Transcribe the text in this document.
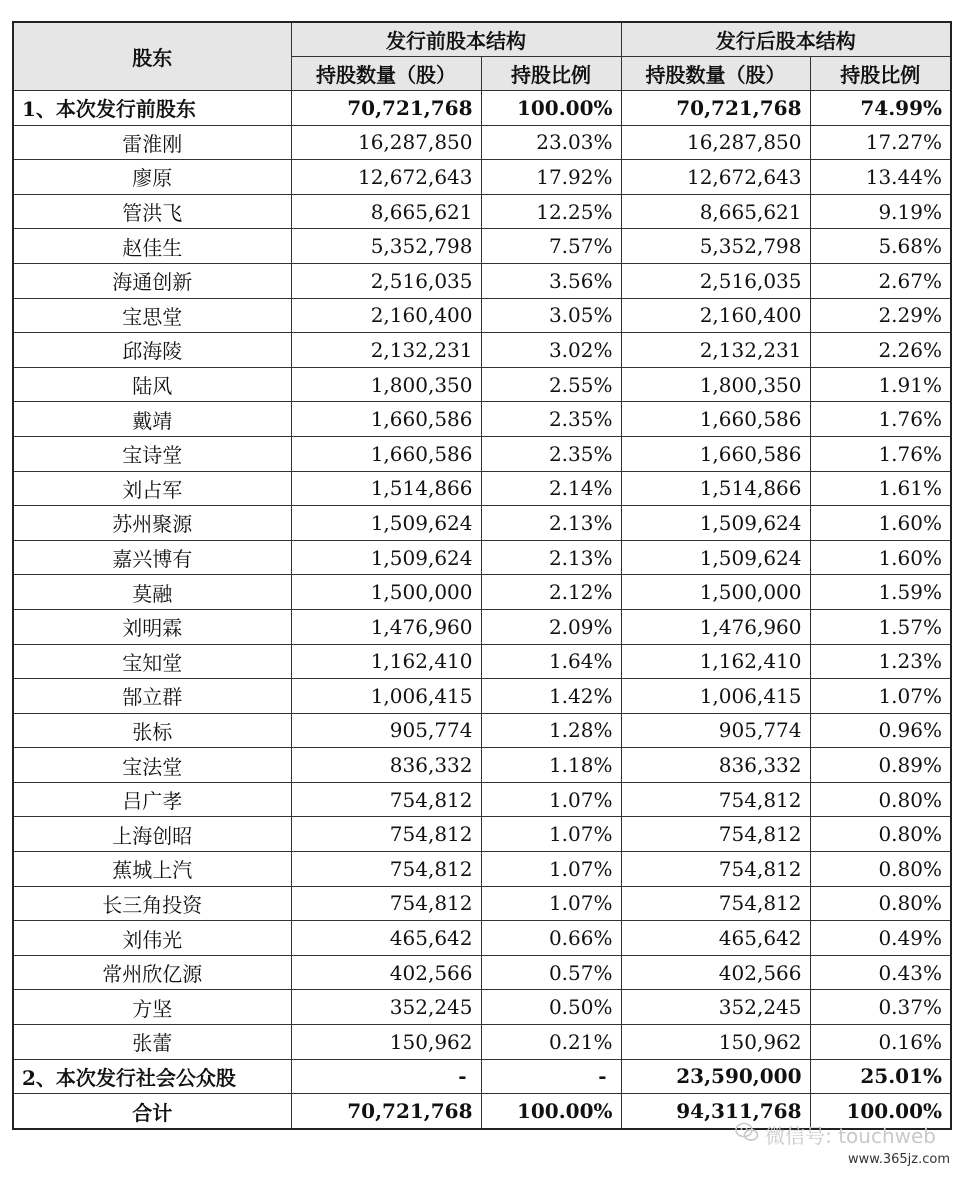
股东	发行前股本结构		发行后股本结构	
	持股数量（股）	持股比例	持股数量（股）	持股比例
1、本次发行前股东	70,721,768	100.00%	70,721,768	74.99%
雷淮刚	16,287,850	23.03%	16,287,850	17.27%
廖原	12,672,643	17.92%	12,672,643	13.44%
管洪飞	8,665,621	12.25%	8,665,621	9.19%
赵佳生	5,352,798	7.57%	5,352,798	5.68%
海通创新	2,516,035	3.56%	2,516,035	2.67%
宝思堂	2,160,400	3.05%	2,160,400	2.29%
邱海陵	2,132,231	3.02%	2,132,231	2.26%
陆风	1,800,350	2.55%	1,800,350	1.91%
戴靖	1,660,586	2.35%	1,660,586	1.76%
宝诗堂	1,660,586	2.35%	1,660,586	1.76%
刘占军	1,514,866	2.14%	1,514,866	1.61%
苏州聚源	1,509,624	2.13%	1,509,624	1.60%
嘉兴博有	1,509,624	2.13%	1,509,624	1.60%
莫融	1,500,000	2.12%	1,500,000	1.59%
刘明霖	1,476,960	2.09%	1,476,960	1.57%
宝知堂	1,162,410	1.64%	1,162,410	1.23%
郜立群	1,006,415	1.42%	1,006,415	1.07%
张标	905,774	1.28%	905,774	0.96%
宝法堂	836,332	1.18%	836,332	0.89%
吕广孝	754,812	1.07%	754,812	0.80%
上海创昭	754,812	1.07%	754,812	0.80%
蕉城上汽	754,812	1.07%	754,812	0.80%
长三角投资	754,812	1.07%	754,812	0.80%
刘伟光	465,642	0.66%	465,642	0.49%
常州欣亿源	402,566	0.57%	402,566	0.43%
方坚	352,245	0.50%	352,245	0.37%
张蕾	150,962	0.21%	150,962	0.16%
2、本次发行社会公众股	-	-	23,590,000	25.01%
合计	70,721,768	100.00%	94,311,768	100.00%
微信号: touchweb
www.365jz.com
